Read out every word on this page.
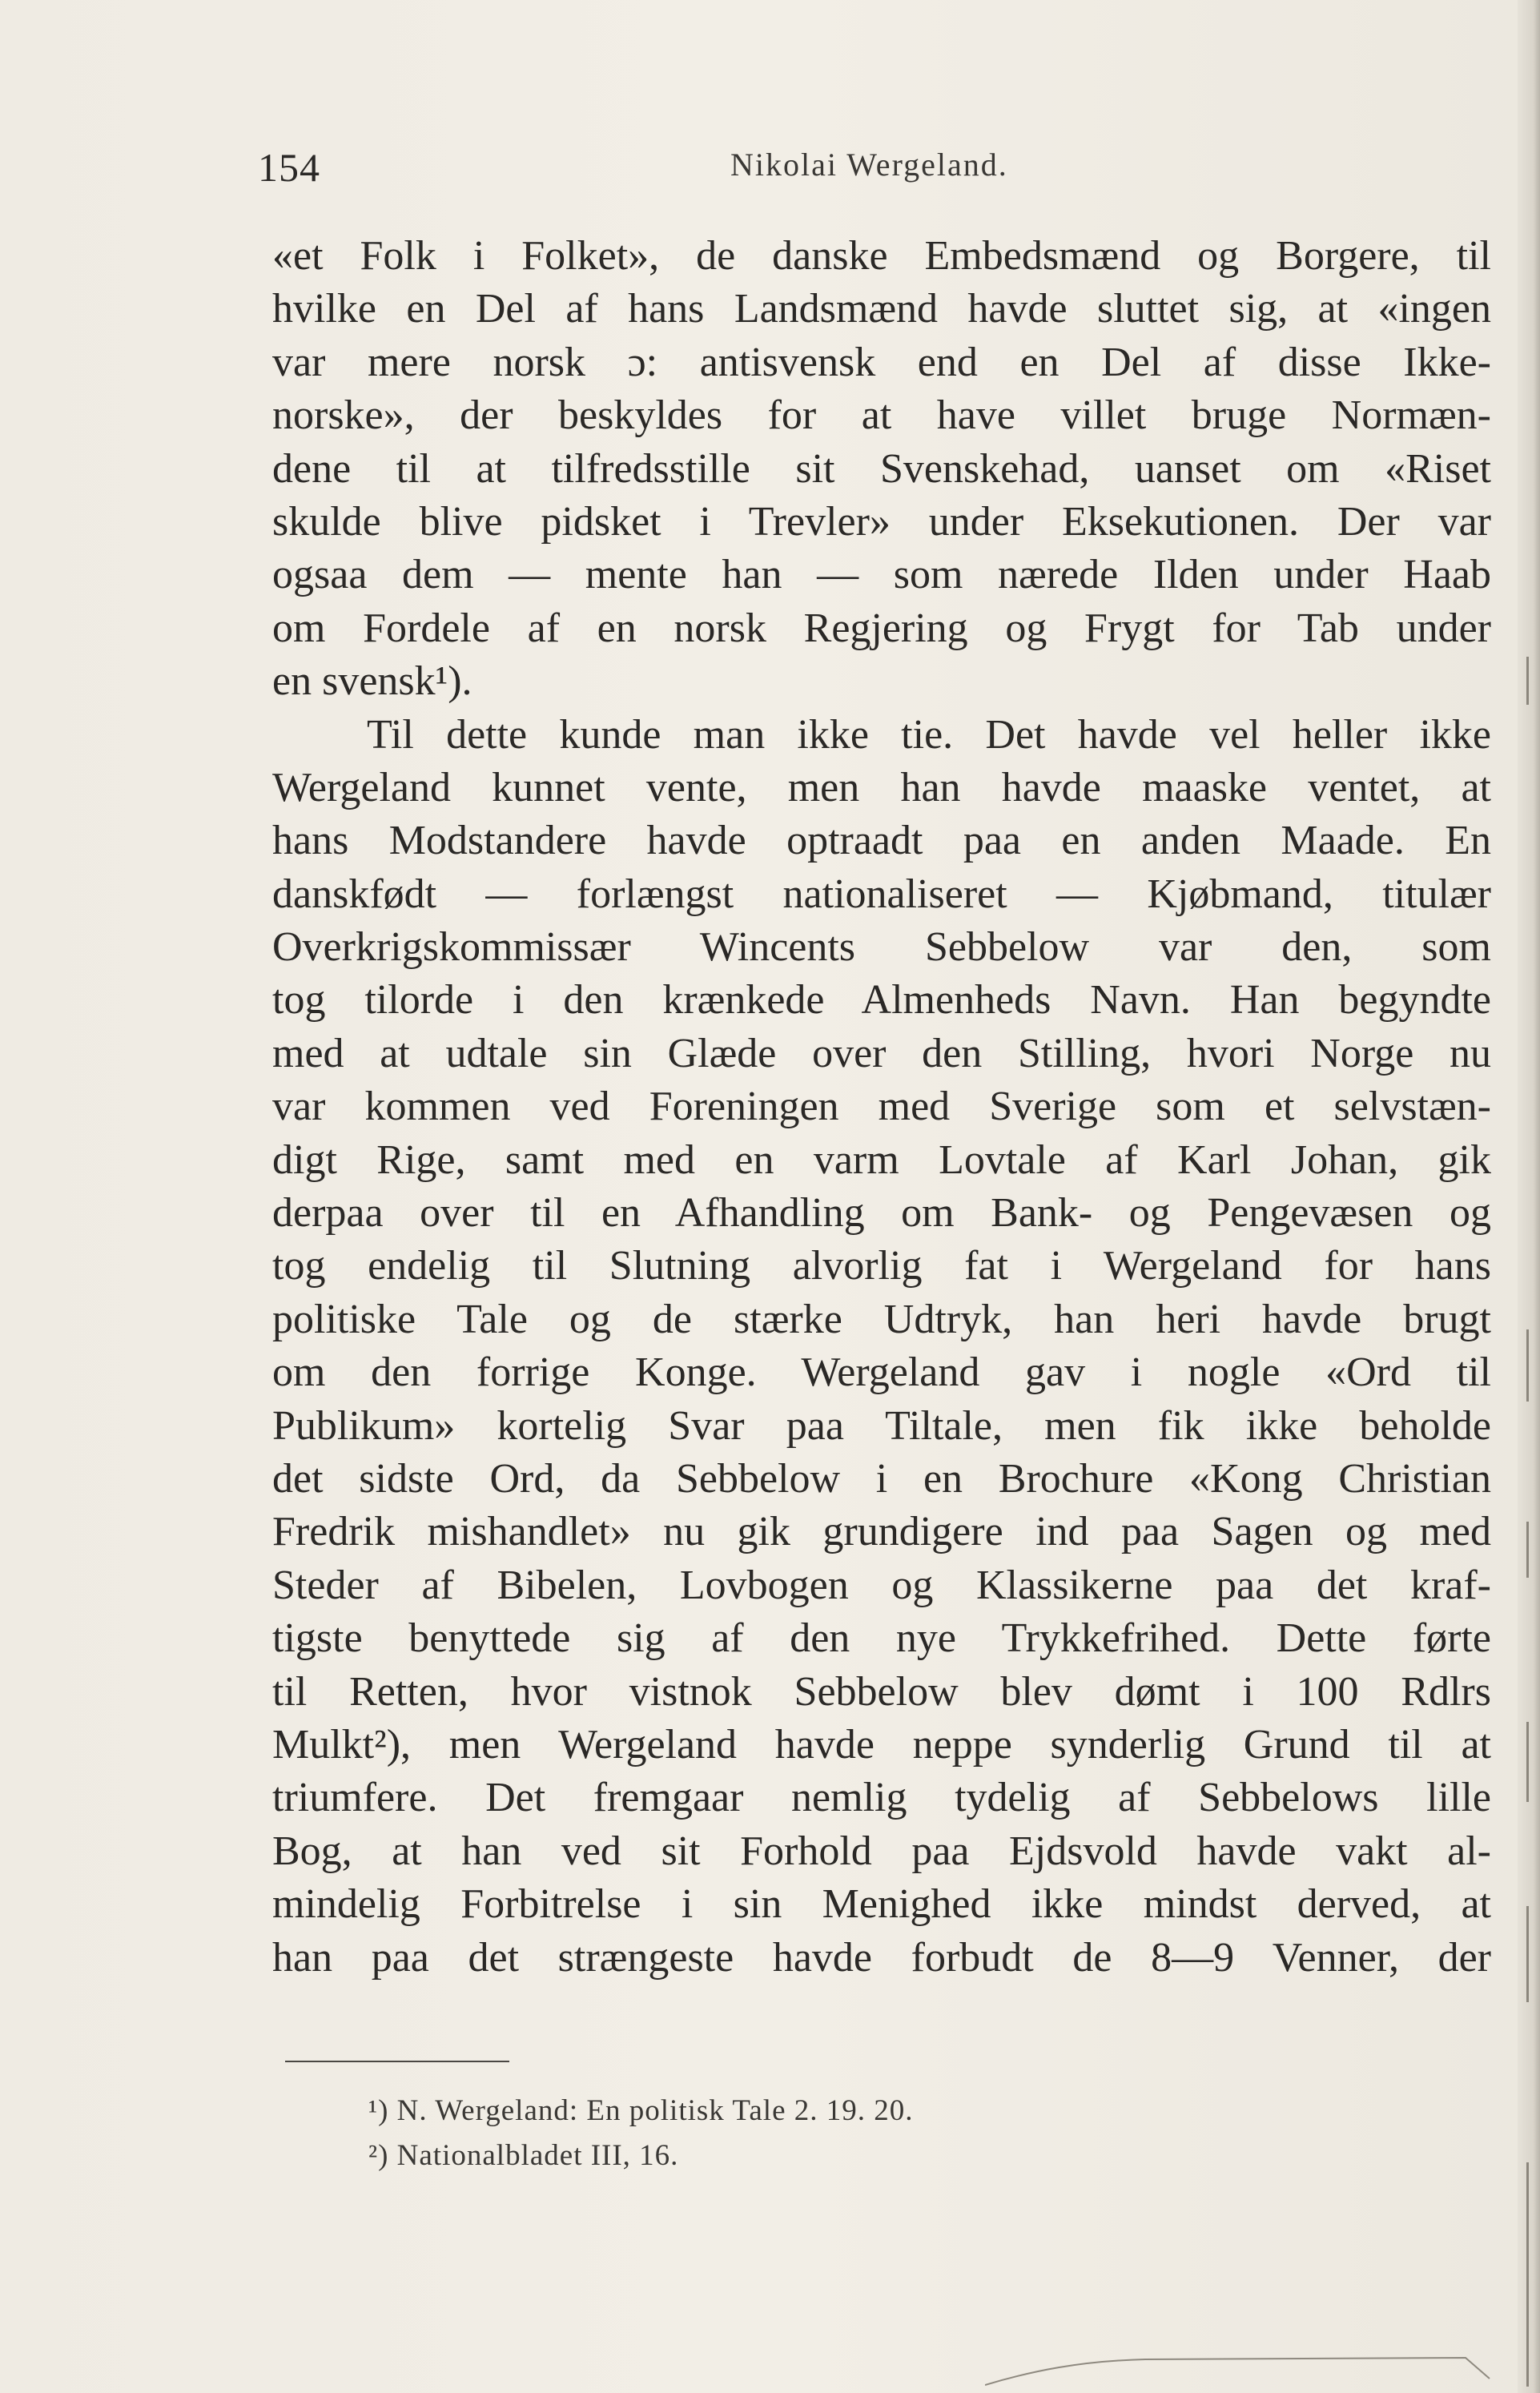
154	Nikolai Wergeland.
«et Folk i Folket», de danske Embedsmænd og Borgere, til
hvilke en Del af hans Landsmænd havde sluttet sig, at «ingen
var mere norsk ɔ: antisvensk end en Del af disse Ikke-
norske», der beskyldes for at have villet bruge Normæn-
dene til at tilfredsstille sit Svenskehad, uanset om «Riset
skulde blive pidsket i Trevler» under Eksekutionen. Der var
ogsaa dem — mente han — som nærede Ilden under Haab
om Fordele af en norsk Regjering og Frygt for Tab under
en svensk¹).
Til dette kunde man ikke tie. Det havde vel heller ikke
Wergeland kunnet vente, men han havde maaske ventet, at
hans Modstandere havde optraadt paa en anden Maade. En
danskfødt — forlængst nationaliseret — Kjøbmand, titulær
Overkrigskommissær Wincents Sebbelow var den, som
tog tilorde i den krænkede Almenheds Navn. Han begyndte
med at udtale sin Glæde over den Stilling, hvori Norge nu
var kommen ved Foreningen med Sverige som et selvstæn-
digt Rige, samt med en varm Lovtale af Karl Johan, gik
derpaa over til en Afhandling om Bank- og Pengevæsen og
tog endelig til Slutning alvorlig fat i Wergeland for hans
politiske Tale og de stærke Udtryk, han heri havde brugt
om den forrige Konge. Wergeland gav i nogle «Ord til
Publikum» kortelig Svar paa Tiltale, men fik ikke beholde
det sidste Ord, da Sebbelow i en Brochure «Kong Christian
Fredrik mishandlet» nu gik grundigere ind paa Sagen og med
Steder af Bibelen, Lovbogen og Klassikerne paa det kraf-
tigste benyttede sig af den nye Trykkefrihed. Dette førte
til Retten, hvor vistnok Sebbelow blev dømt i 100 Rdlrs
Mulkt²), men Wergeland havde neppe synderlig Grund til at
triumfere. Det fremgaar nemlig tydelig af Sebbelows lille
Bog, at han ved sit Forhold paa Ejdsvold havde vakt al-
mindelig Forbitrelse i sin Menighed ikke mindst derved, at
han paa det strængeste havde forbudt de 8—9 Venner, der
¹) N. Wergeland: En politisk Tale 2. 19. 20.
²) Nationalbladet III, 16.
